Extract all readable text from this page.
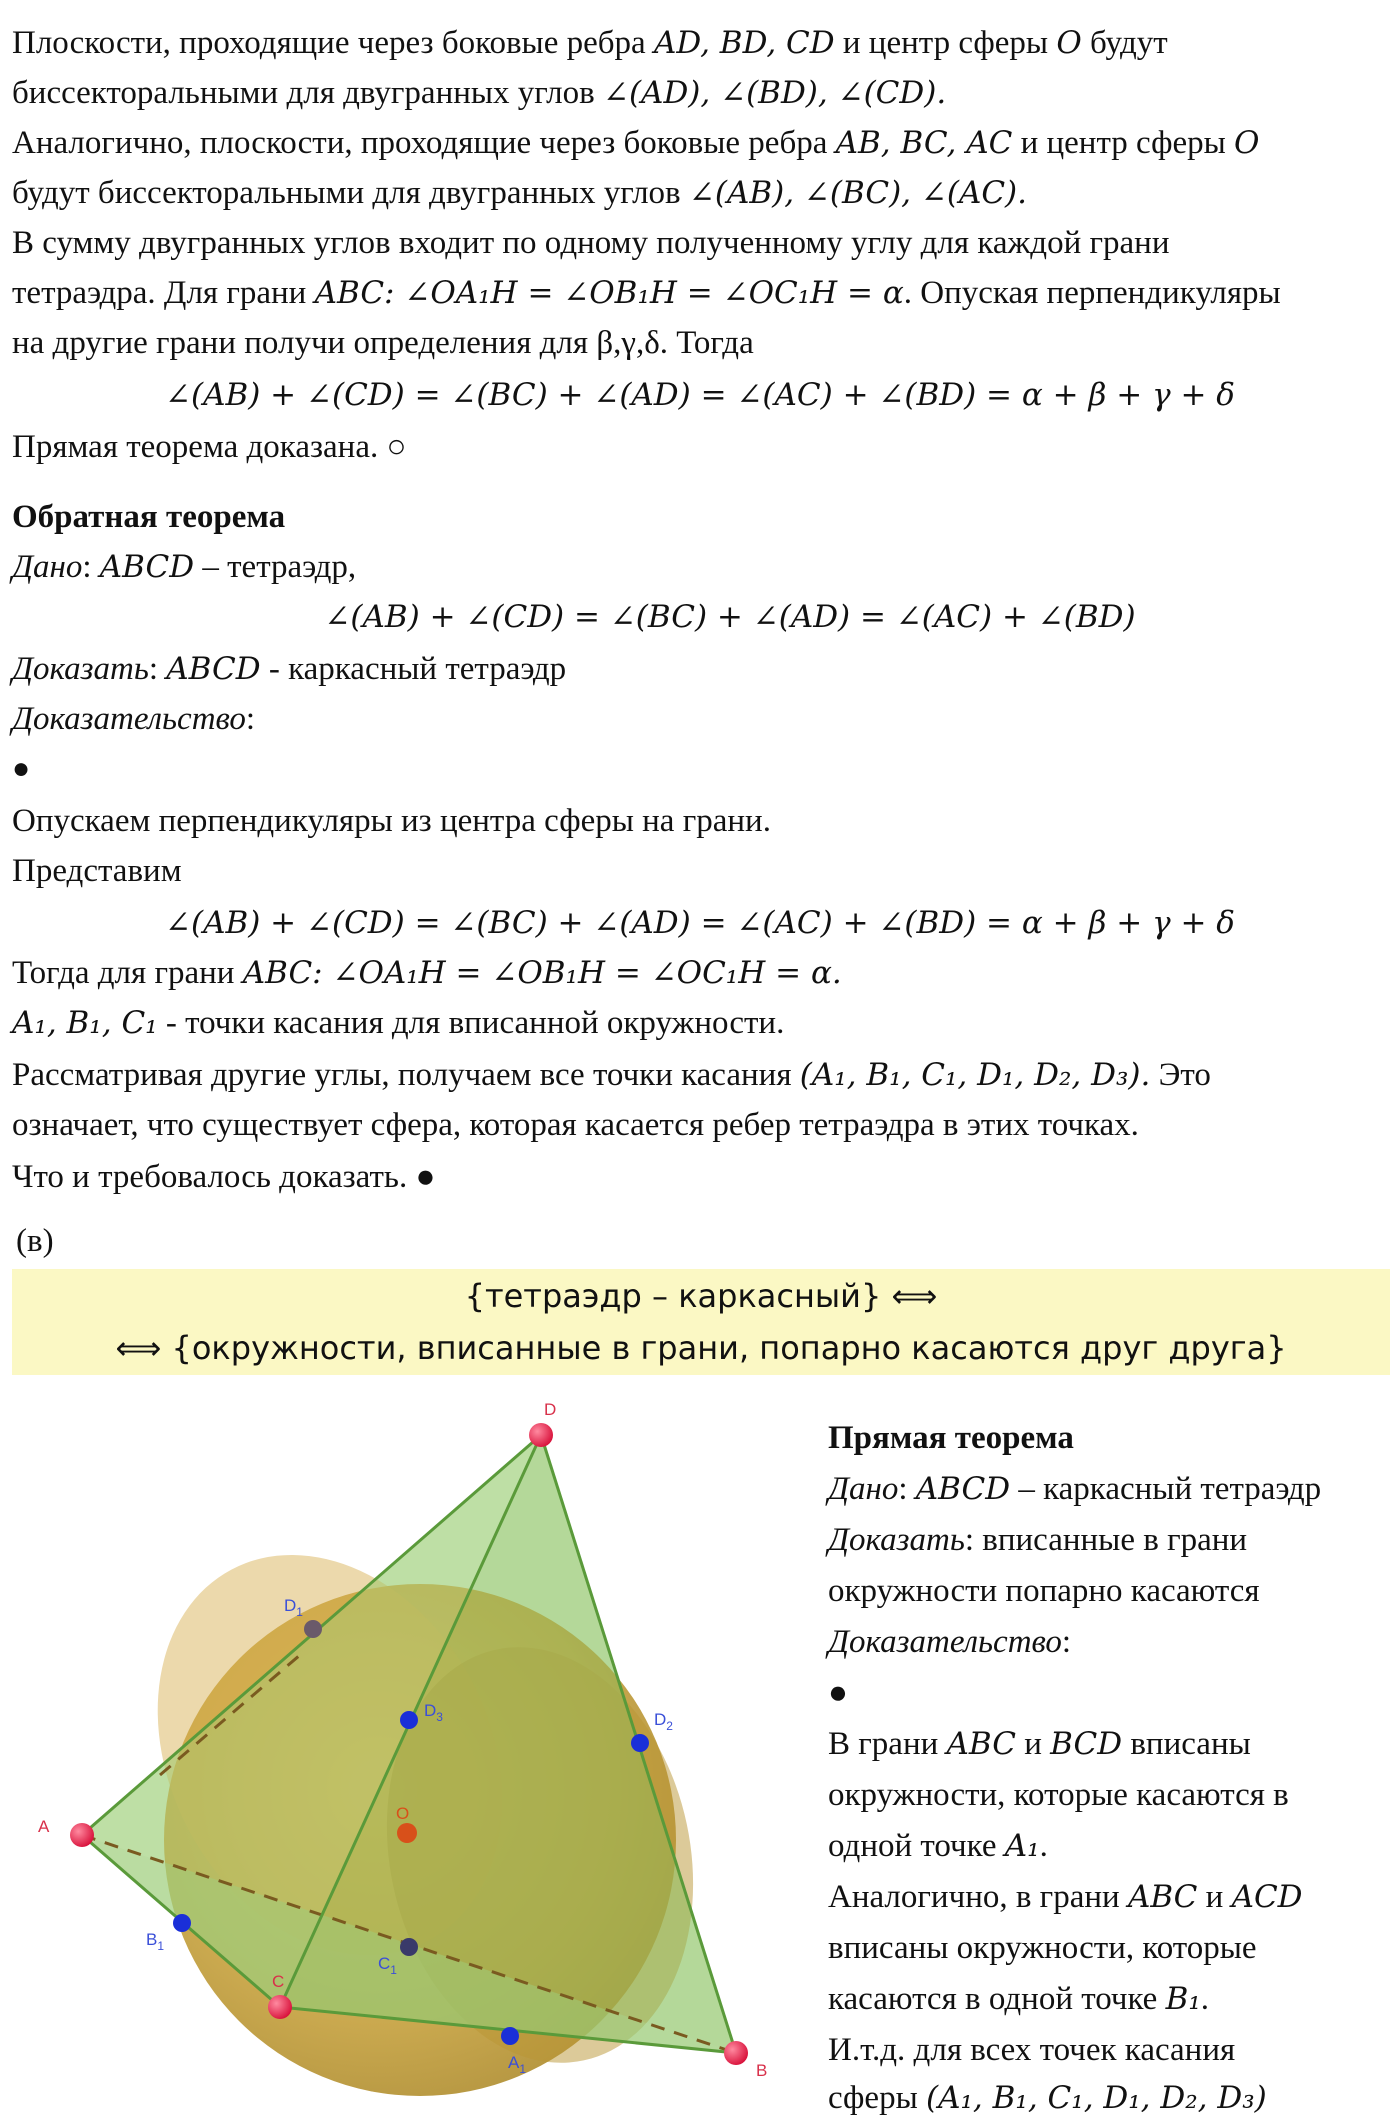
Плоскости, проходящие через боковые ребра AD, BD, CD и центр сферы O будут
биссекторальными для двугранных углов ∠(AD), ∠(BD), ∠(CD).
Аналогично, плоскости, проходящие через боковые ребра AB, BC, AC и центр сферы O
будут биссекторальными для двугранных углов ∠(AB), ∠(BC), ∠(AC).
В сумму двугранных углов входит по одному полученному углу для каждой грани
тетраэдра. Для грани ABC: ∠OA₁H = ∠OB₁H = ∠OC₁H = α. Опуская перпендикуляры
на другие грани получи определения для β,γ,δ. Тогда
∠(AB) + ∠(CD) = ∠(BC) + ∠(AD) = ∠(AC) + ∠(BD) = α + β + γ + δ
Прямая теорема доказана. ○
Обратная теорема
Дано: ABCD – тетраэдр,
∠(AB) + ∠(CD) = ∠(BC) + ∠(AD) = ∠(AC) + ∠(BD)
Доказать: ABCD - каркасный тетраэдр
Доказательство:
●
Опускаем перпендикуляры из центра сферы на грани.
Представим
∠(AB) + ∠(CD) = ∠(BC) + ∠(AD) = ∠(AC) + ∠(BD) = α + β + γ + δ
Тогда для грани ABC: ∠OA₁H = ∠OB₁H = ∠OC₁H = α.
A₁, B₁, C₁ - точки касания для вписанной окружности.
Рассматривая другие углы, получаем все точки касания (A₁, B₁, C₁, D₁, D₂, D₃). Это
означает, что существует сфера, которая касается ребер тетраэдра в этих точках.
Что и требовалось доказать. ●
(в)
{тетраэдр – каркасный} ⟺
⟺ {окружности, вписанные в грани, попарно касаются друг друга}
D
A
C
B
O
$D_1$
$D_3$	$D_2$
$B_1$
$C_1$
$A_1$
Прямая теорема
Дано: ABCD – каркасный тетраэдр
Доказать: вписанные в грани
окружности попарно касаются
Доказательство:
●
В грани ABC и BCD вписаны
окружности, которые касаются в
одной точке A₁.
Аналогично, в грани ABC и ACD
вписаны окружности, которые
касаются в одной точке B₁.
И.т.д. для всех точек касания
сферы (A₁, B₁, C₁, D₁, D₂, D₃)
